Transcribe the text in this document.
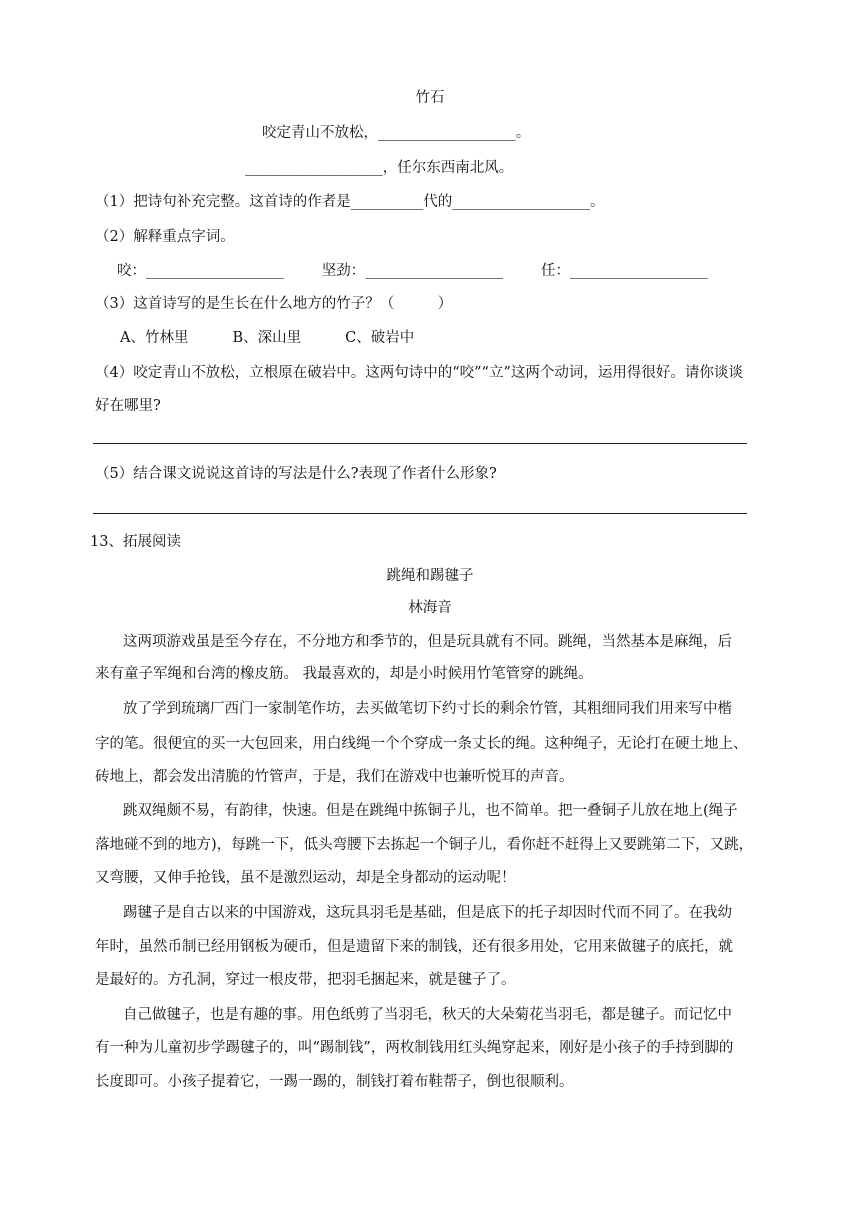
竹石
咬定青山不放松，___________________。
___________________，任尔东西南北风。
（1）把诗句补充完整。这首诗的作者是__________代的___________________。
（2）解释重点字词。
咬：___________________	坚劲：___________________	任：___________________
（3）这首诗写的是生长在什么地方的竹子？（　　　）
A、竹林里	B、深山里	C、破岩中
（4）咬定青山不放松，立根原在破岩中。这两句诗中的“咬”“立”这两个动词，运用得很好。请你谈谈
好在哪里?
（5）结合课文说说这首诗的写法是什么?表现了作者什么形象?
13、拓展阅读
跳绳和踢毽子
林海音
这两项游戏虽是至今存在，不分地方和季节的，但是玩具就有不同。跳绳，当然基本是麻绳，后
来有童子军绳和台湾的橡皮筋。 我最喜欢的，却是小时候用竹笔管穿的跳绳。
放了学到琉璃厂西门一家制笔作坊，去买做笔切下约寸长的剩余竹管，其粗细同我们用来写中楷
字的笔。很便宜的买一大包回来，用白线绳一个个穿成一条丈长的绳。这种绳子，无论打在硬土地上、
砖地上，都会发出清脆的竹管声，于是，我们在游戏中也兼听悦耳的声音。
跳双绳颇不易，有韵律，快速。但是在跳绳中拣铜子儿，也不简单。把一叠铜子儿放在地上(绳子
落地碰不到的地方)，每跳一下，低头弯腰下去拣起一个铜子儿，看你赶不赶得上又要跳第二下，又跳，
又弯腰，又伸手抢钱，虽不是激烈运动，却是全身都动的运动呢！
踢毽子是自古以来的中国游戏，这玩具羽毛是基础，但是底下的托子却因时代而不同了。在我幼
年时，虽然币制已经用钢板为硬币，但是遗留下来的制钱，还有很多用处，它用来做毽子的底托，就
是最好的。方孔洞，穿过一根皮带，把羽毛捆起来，就是毽子了。
自己做毽子，也是有趣的事。用色纸剪了当羽毛，秋天的大朵菊花当羽毛，都是毽子。而记忆中
有一种为儿童初步学踢毽子的，叫“踢制钱”，两枚制钱用红头绳穿起来，刚好是小孩子的手持到脚的
长度即可。小孩子提着它，一踢一踢的，制钱打着布鞋帮子，倒也很顺利。
